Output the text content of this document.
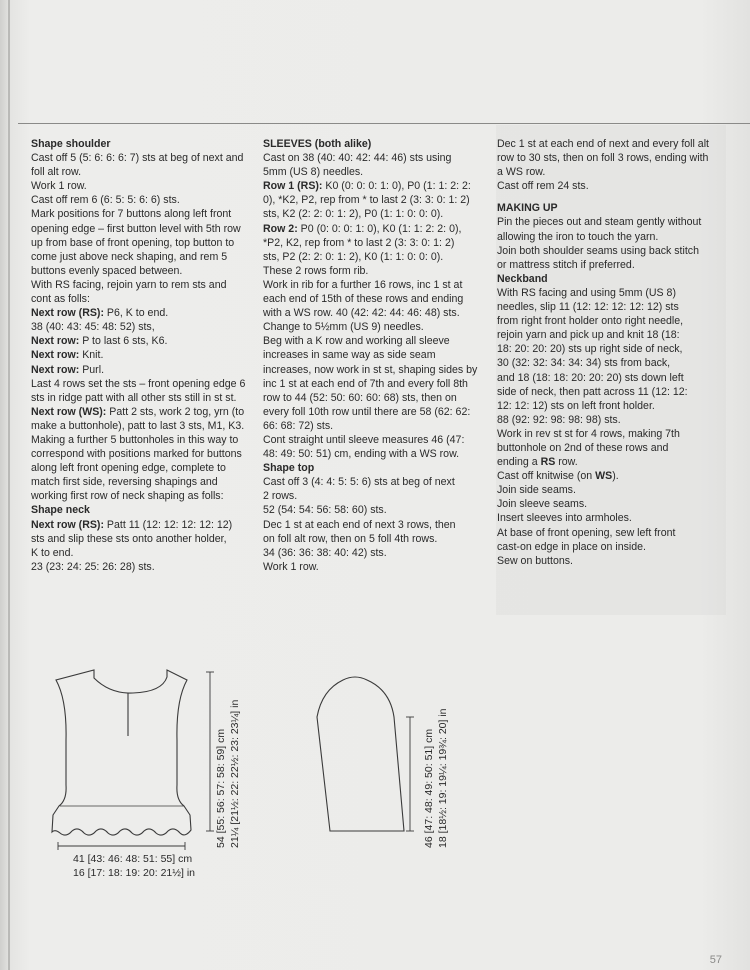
Shape shoulder

Cast off 5 (5: 6: 6: 6: 7) sts at beg of next and

foll alt row.

Work 1 row.

Cast off rem 6 (6: 5: 5: 6: 6) sts.

Mark positions for 7 buttons along left front

opening edge – first button level with 5th row

up from base of front opening, top button to

come just above neck shaping, and rem 5

buttons evenly spaced between.

With RS facing, rejoin yarn to rem sts and

cont as folls:

Next row (RS): P6, K to end.

38 (40: 43: 45: 48: 52) sts,

Next row: P to last 6 sts, K6.

Next row: Knit.

Next row: Purl.

Last 4 rows set the sts – front opening edge 6

sts in ridge patt with all other sts still in st st.

Next row (WS): Patt 2 sts, work 2 tog, yrn (to

make a buttonhole), patt to last 3 sts, M1, K3.

Making a further 5 buttonholes in this way to

correspond with positions marked for buttons

along left front opening edge, complete to

match first side, reversing shapings and

working first row of neck shaping as folls:

Shape neck

Next row (RS): Patt 11 (12: 12: 12: 12: 12)

sts and slip these sts onto another holder,

K to end.

23 (23: 24: 25: 26: 28) sts.

SLEEVES (both alike)

Cast on 38 (40: 40: 42: 44: 46) sts using

5mm (US 8) needles.

Row 1 (RS): K0 (0: 0: 0: 1: 0), P0 (1: 1: 2: 2:

0), *K2, P2, rep from * to last 2 (3: 3: 0: 1: 2)

sts, K2 (2: 2: 0: 1: 2), P0 (1: 1: 0: 0: 0).

Row 2: P0 (0: 0: 0: 1: 0), K0 (1: 1: 2: 2: 0),

*P2, K2, rep from * to last 2 (3: 3: 0: 1: 2)

sts, P2 (2: 2: 0: 1: 2), K0 (1: 1: 0: 0: 0).

These 2 rows form rib.

Work in rib for a further 16 rows, inc 1 st at

each end of 15th of these rows and ending

with a WS row. 40 (42: 42: 44: 46: 48) sts.

Change to 5½mm (US 9) needles.

Beg with a K row and working all sleeve

increases in same way as side seam

increases, now work in st st, shaping sides by

inc 1 st at each end of 7th and every foll 8th

row to 44 (52: 50: 60: 60: 68) sts, then on

every foll 10th row until there are 58 (62: 62:

66: 68: 72) sts.

Cont straight until sleeve measures 46 (47:

48: 49: 50: 51) cm, ending with a WS row.

Shape top

Cast off 3 (4: 4: 5: 5: 6) sts at beg of next

2 rows.

52 (54: 54: 56: 58: 60) sts.

Dec 1 st at each end of next 3 rows, then

on foll alt row, then on 5 foll 4th rows.

34 (36: 36: 38: 40: 42) sts.

Work 1 row.

Dec 1 st at each end of next and every foll alt

row to 30 sts, then on foll 3 rows, ending with

a WS row.

Cast off rem 24 sts.

MAKING UP

Pin the pieces out and steam gently without

allowing the iron to touch the yarn.

Join both shoulder seams using back stitch

or mattress stitch if preferred.

Neckband

With RS facing and using 5mm (US 8)

needles, slip 11 (12: 12: 12: 12: 12) sts

from right front holder onto right needle,

rejoin yarn and pick up and knit 18 (18:

18: 20: 20: 20) sts up right side of neck,

30 (32: 32: 34: 34: 34) sts from back,

and 18 (18: 18: 20: 20: 20) sts down left

side of neck, then patt across 11 (12: 12:

12: 12: 12) sts on left front holder.

88 (92: 92: 98: 98: 98) sts.

Work in rev st st for 4 rows, making 7th

buttonhole on 2nd of these rows and

ending a RS row.

Cast off knitwise (on WS).

Join side seams.

Join sleeve seams.

Insert sleeves into armholes.

At base of front opening, sew left front

cast-on edge in place on inside.

Sew on buttons.

54 [55: 56: 57: 58: 59] cm 21¼ [21½: 22: 22½: 23: 23¼] in
41 [43: 46: 48: 51: 55] cm
16 [17: 18: 19: 20: 21½] in
46 [47: 48: 49: 50: 51] cm 18 [18½: 19: 19¼: 19¾: 20] in
57
